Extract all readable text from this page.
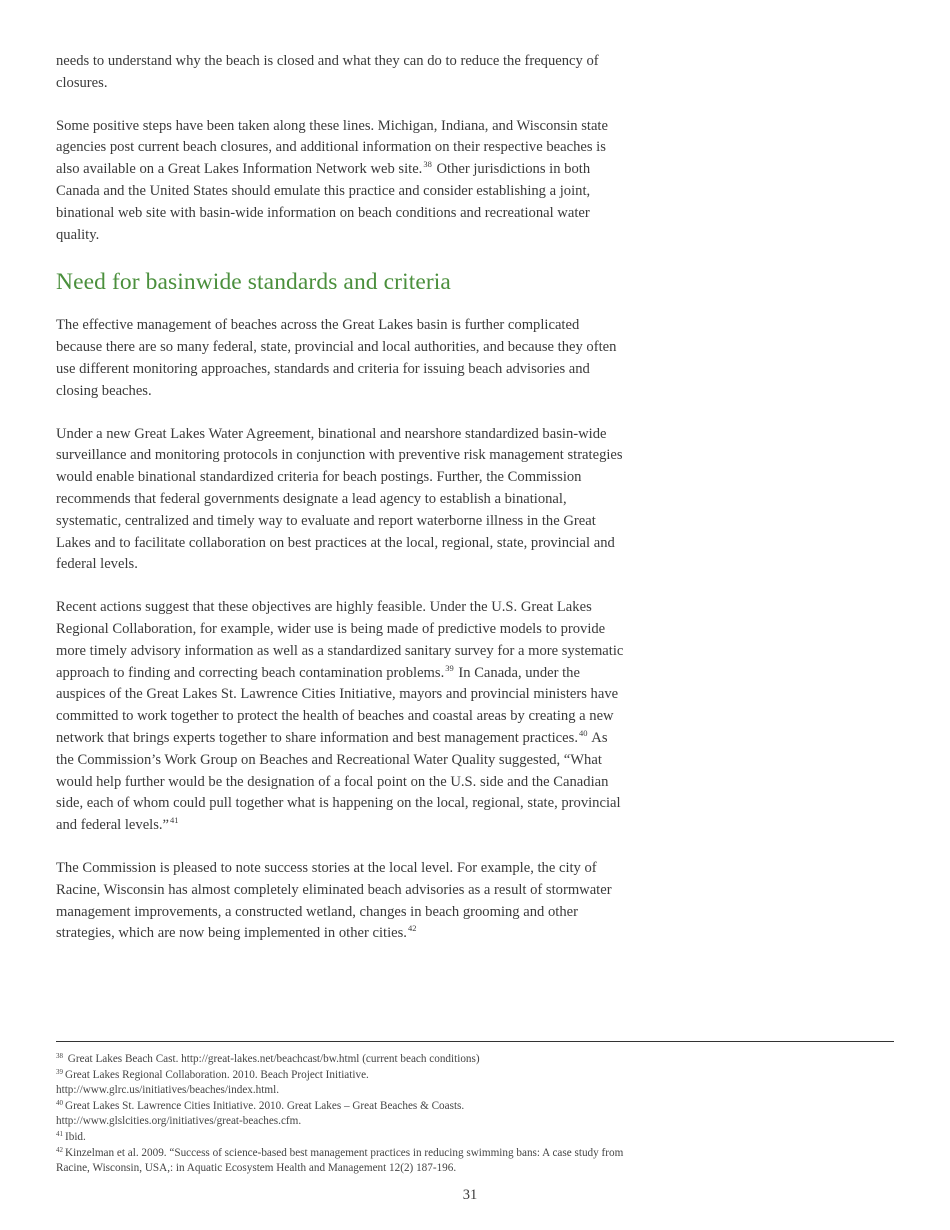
needs to understand why the beach is closed and what they can do to reduce the frequency of closures.

Some positive steps have been taken along these lines. Michigan, Indiana, and Wisconsin state agencies post current beach closures, and additional information on their respective beaches is also available on a Great Lakes Information Network web site.$^{38}$ Other jurisdictions in both Canada and the United States should emulate this practice and consider establishing a joint, binational web site with basin-wide information on beach conditions and recreational water quality.

Need for basinwide standards and criteria

The effective management of beaches across the Great Lakes basin is further complicated because there are so many federal, state, provincial and local authorities, and because they often use different monitoring approaches, standards and criteria for issuing beach advisories and closing beaches.

Under a new Great Lakes Water Agreement, binational and nearshore standardized basin-wide surveillance and monitoring protocols in conjunction with preventive risk management strategies would enable binational standardized criteria for beach postings. Further, the Commission recommends that federal governments designate a lead agency to establish a binational, systematic, centralized and timely way to evaluate and report waterborne illness in the Great Lakes and to facilitate collaboration on best practices at the local, regional, state, provincial and federal levels.

Recent actions suggest that these objectives are highly feasible. Under the U.S. Great Lakes Regional Collaboration, for example, wider use is being made of predictive models to provide more timely advisory information as well as a standardized sanitary survey for a more systematic approach to finding and correcting beach contamination problems.$^{39}$ In Canada, under the auspices of the Great Lakes St. Lawrence Cities Initiative, mayors and provincial ministers have committed to work together to protect the health of beaches and coastal areas by creating a new network that brings experts together to share information and best management practices.$^{40}$ As the Commission’s Work Group on Beaches and Recreational Water Quality suggested, “What would help further would be the designation of a focal point on the U.S. side and the Canadian side, each of whom could pull together what is happening on the local, regional, state, provincial and federal levels.”$^{41}$

The Commission is pleased to note success stories at the local level. For example, the city of Racine, Wisconsin has almost completely eliminated beach advisories as a result of stormwater management improvements, a constructed wetland, changes in beach grooming and other strategies, which are now being implemented in other cities.$^{42}$

$^{38}$ Great Lakes Beach Cast. http://great-lakes.net/beachcast/bw.html (current beach conditions)

$^{39}$ Great Lakes Regional Collaboration. 2010. Beach Project Initiative.

http://www.glrc.us/initiatives/beaches/index.html.

$^{40}$ Great Lakes St. Lawrence Cities Initiative. 2010. Great Lakes – Great Beaches & Coasts.

http://www.glslcities.org/initiatives/great-beaches.cfm.

$^{41}$ Ibid.

$^{42}$ Kinzelman et al. 2009. “Success of science-based best management practices in reducing swimming bans: A case study from Racine, Wisconsin, USA,: in Aquatic Ecosystem Health and Management 12(2) 187-196.

31
